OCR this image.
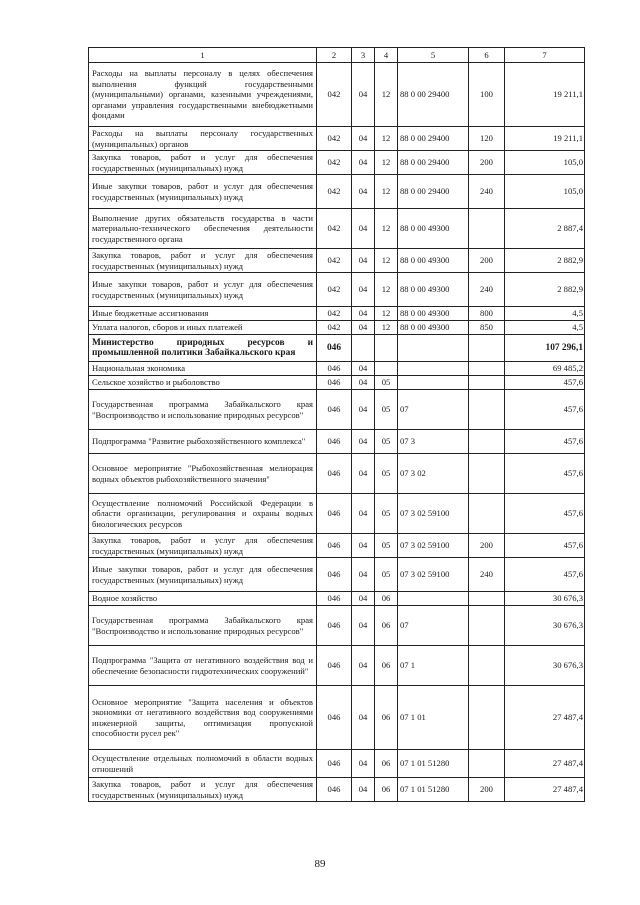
1	2	3	4	5	6	7
Расходы на выплаты персоналу в целях обеспечения выполнения функций государственными (муниципальными) органами, казенными учреждениями, органами управления государственными внебюджетными фондами	042	04	12	88 0 00 29400	100	19 211,1
Расходы на выплаты персоналу государственных (муниципальных) органов	042	04	12	88 0 00 29400	120	19 211,1
Закупка товаров, работ и услуг для обеспечения государственных (муниципальных) нужд	042	04	12	88 0 00 29400	200	105,0
Иные закупки товаров, работ и услуг для обеспечения государственных (муниципальных) нужд	042	04	12	88 0 00 29400	240	105,0
Выполнение других обязательств государства в части материально-технического обеспечения деятельности государственного органа	042	04	12	88 0 00 49300		2 887,4
Закупка товаров, работ и услуг для обеспечения государственных (муниципальных) нужд	042	04	12	88 0 00 49300	200	2 882,9
Иные закупки товаров, работ и услуг для обеспечения государственных (муниципальных) нужд	042	04	12	88 0 00 49300	240	2 882,9
Иные бюджетные ассигнования	042	04	12	88 0 00 49300	800	4,5
Уплата налогов, сборов и иных платежей	042	04	12	88 0 00 49300	850	4,5
Министерство природных ресурсов и промышленной политики Забайкальского края	046					107 296,1
Национальная экономика	046	04				69 485,2
Сельское хозяйство и рыболовство	046	04	05			457,6
Государственная программа Забайкальского края "Воспроизводство и использование природных ресурсов"	046	04	05	07		457,6
Подпрограмма "Развитие рыбохозяйственного комплекса"	046	04	05	07 3		457,6
Основное мероприятие "Рыбохозяйственная мелиорация водных объектов рыбохозяйственного значения"	046	04	05	07 3 02		457,6
Осуществление полномочий Российской Федерации в области организации, регулирования и охраны водных биологических ресурсов	046	04	05	07 3 02 59100		457,6
Закупка товаров, работ и услуг для обеспечения государственных (муниципальных) нужд	046	04	05	07 3 02 59100	200	457,6
Иные закупки товаров, работ и услуг для обеспечения государственных (муниципальных) нужд	046	04	05	07 3 02 59100	240	457,6
Водное хозяйство	046	04	06			30 676,3
Государственная программа Забайкальского края "Воспроизводство и использование природных ресурсов"	046	04	06	07		30 676,3
Подпрограмма "Защита от негативного воздействия вод и обеспечение безопасности гидротехнических сооружений"	046	04	06	07 1		30 676,3
Основное мероприятие "Защита населения и объектов экономики от негативного воздействия вод сооружениями инженерной защиты, оптимизация пропускной способности русел рек"	046	04	06	07 1 01		27 487,4
Осуществление отдельных полномочий в области водных отношений	046	04	06	07 1 01 51280		27 487,4
Закупка товаров, работ и услуг для обеспечения государственных (муниципальных) нужд	046	04	06	07 1 01 51280	200	27 487,4
89
